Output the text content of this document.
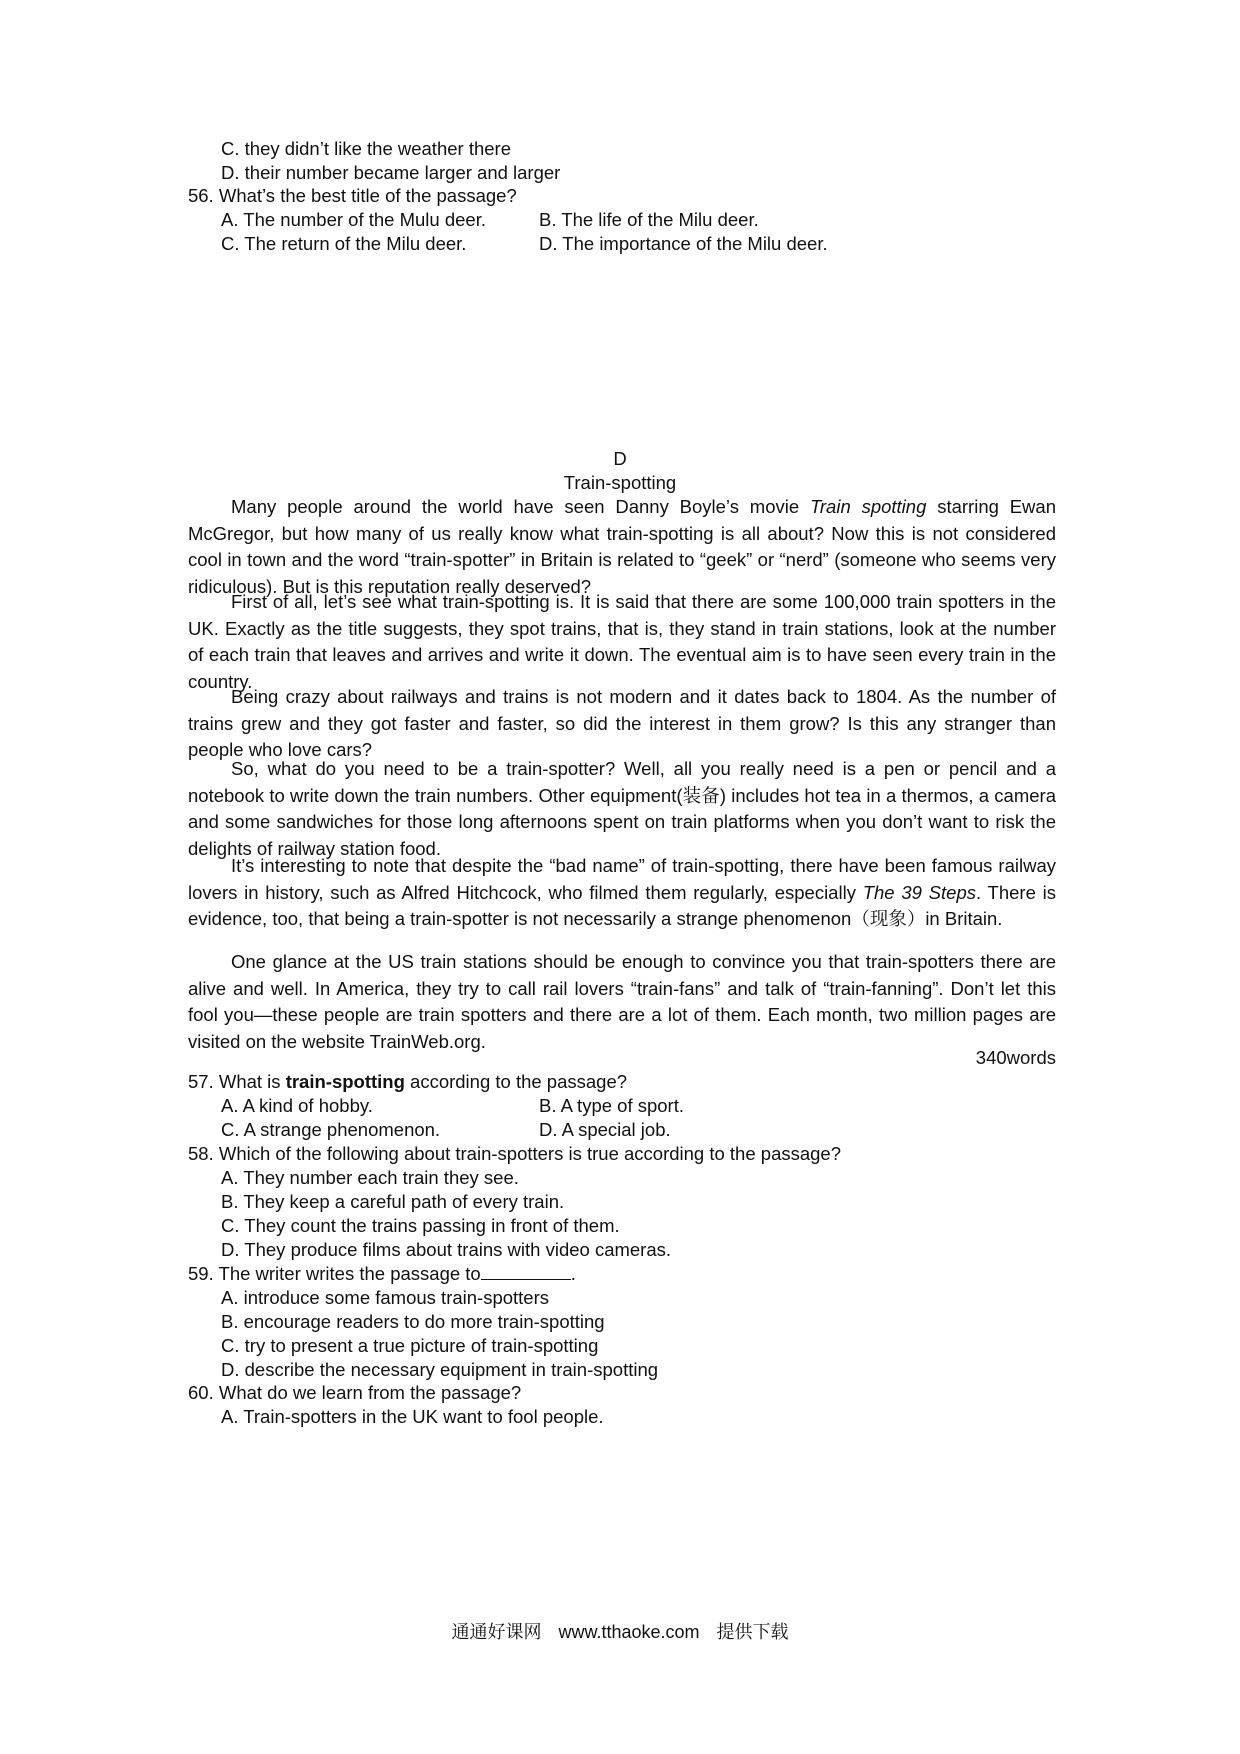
C. they didn’t like the weather there
D. their number became larger and larger
56. What’s the best title of the passage?
A. The number of the Mulu deer.	B. The life of the Milu deer.
C. The return of the Milu deer.	D. The importance of the Milu deer.
D
Train-spotting

Many people around the world have seen Danny Boyle’s movie Train spotting starring Ewan McGregor, but how many of us really know what train-spotting is all about? Now this is not considered cool in town and the word “train-spotter” in Britain is related to “geek” or “nerd” (someone who seems very ridiculous). But is this reputation really deserved?

First of all, let’s see what train-spotting is. It is said that there are some 100,000 train spotters in the UK. Exactly as the title suggests, they spot trains, that is, they stand in train stations, look at the number of each train that leaves and arrives and write it down. The eventual aim is to have seen every train in the country.

Being crazy about railways and trains is not modern and it dates back to 1804. As the number of trains grew and they got faster and faster, so did the interest in them grow? Is this any stranger than people who love cars?

So, what do you need to be a train-spotter? Well, all you really need is a pen or pencil and a notebook to write down the train numbers. Other equipment(装备) includes hot tea in a thermos, a camera and some sandwiches for those long afternoons spent on train platforms when you don’t want to risk the delights of railway station food.

It’s interesting to note that despite the “bad name” of train-spotting, there have been famous railway lovers in history, such as Alfred Hitchcock, who filmed them regularly, especially The 39 Steps. There is evidence, too, that being a train-spotter is not necessarily a strange phenomenon（现象）in Britain.

One glance at the US train stations should be enough to convince you that train-spotters there are alive and well. In America, they try to call rail lovers “train-fans” and talk of “train-fanning”. Don’t let this fool you—these people are train spotters and there are a lot of them. Each month, two million pages are visited on the website TrainWeb.org.

340words
57. What is train-spotting according to the passage?
A. A kind of hobby.	B. A type of sport.
C. A strange phenomenon.	D. A special job.
58. Which of the following about train-spotters is true according to the passage?
A. They number each train they see.
B. They keep a careful path of every train.
C. They count the trains passing in front of them.
D. They produce films about trains with video cameras.
59. The writer writes the passage to	.
A. introduce some famous train-spotters
B. encourage readers to do more train-spotting
C. try to present a true picture of train-spotting
D. describe the necessary equipment in train-spotting
60. What do we learn from the passage?
A. Train-spotters in the UK want to fool people.
通通好课网 www.tthaoke.com 提供下载
